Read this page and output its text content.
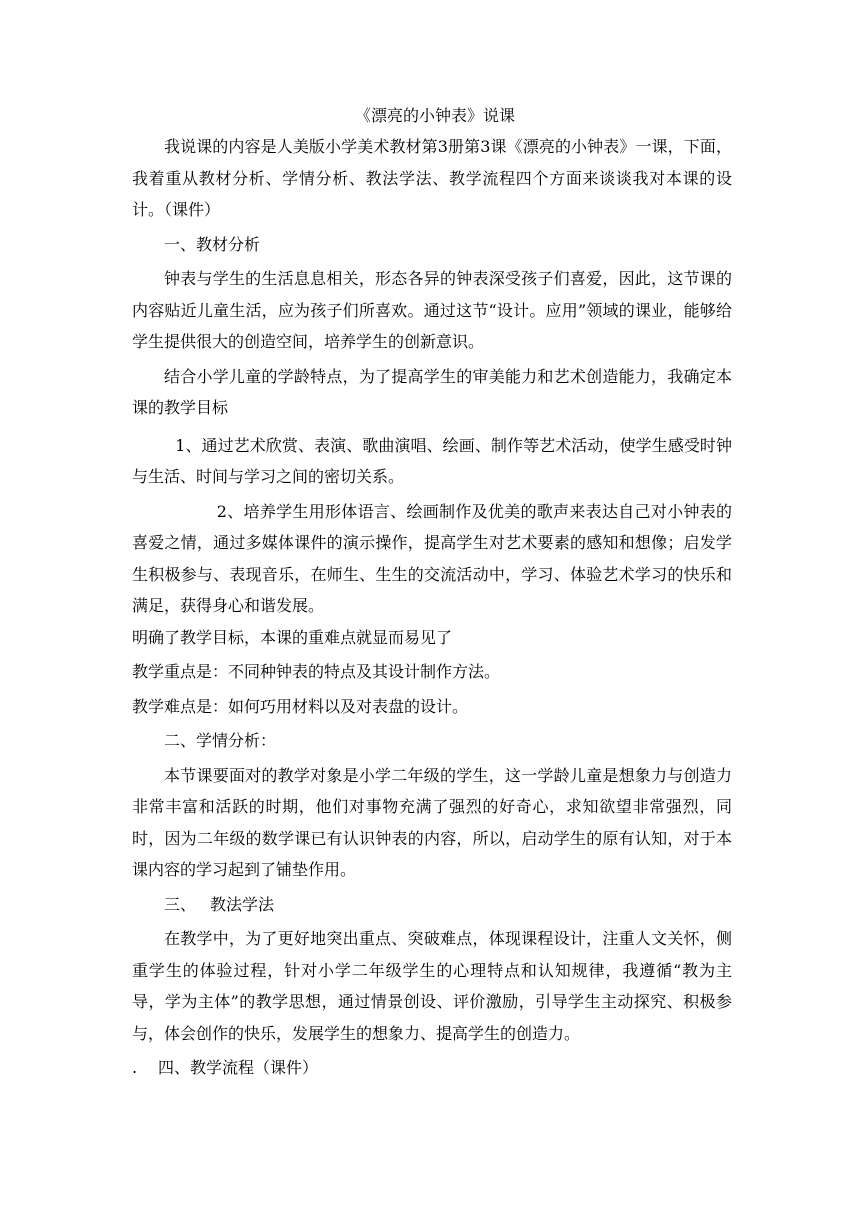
《漂亮的小钟表》说课

我说课的内容是人美版小学美术教材第3册第3课《漂亮的小钟表》一课，下面，我着重从教材分析、学情分析、教法学法、教学流程四个方面来谈谈我对本课的设计。（课件）

一、教材分析

钟表与学生的生活息息相关，形态各异的钟表深受孩子们喜爱，因此，这节课的内容贴近儿童生活，应为孩子们所喜欢。通过这节“设计。应用”领域的课业，能够给学生提供很大的创造空间，培养学生的创新意识。

结合小学儿童的学龄特点，为了提高学生的审美能力和艺术创造能力，我确定本课的教学目标

1、通过艺术欣赏、表演、歌曲演唱、绘画、制作等艺术活动，使学生感受时钟与生活、时间与学习之间的密切关系。

2、培养学生用形体语言、绘画制作及优美的歌声来表达自己对小钟表的喜爱之情，通过多媒体课件的演示操作，提高学生对艺术要素的感知和想像；启发学生积极参与、表现音乐，在师生、生生的交流活动中，学习、体验艺术学习的快乐和满足，获得身心和谐发展。

明确了教学目标，本课的重难点就显而易见了

教学重点是：不同种钟表的特点及其设计制作方法。

教学难点是：如何巧用材料以及对表盘的设计。

二、学情分析：

本节课要面对的教学对象是小学二年级的学生，这一学龄儿童是想象力与创造力非常丰富和活跃的时期，他们对事物充满了强烈的好奇心，求知欲望非常强烈，同时，因为二年级的数学课已有认识钟表的内容，所以，启动学生的原有认知，对于本课内容的学习起到了铺垫作用。

三、 教法学法

在教学中，为了更好地突出重点、突破难点，体现课程设计，注重人文关怀，侧重学生的体验过程，针对小学二年级学生的心理特点和认知规律，我遵循“教为主导，学为主体”的教学思想，通过情景创设、评价激励，引导学生主动探究、积极参与，体会创作的快乐，发展学生的想象力、提高学生的创造力。

. 四、教学流程（课件）
